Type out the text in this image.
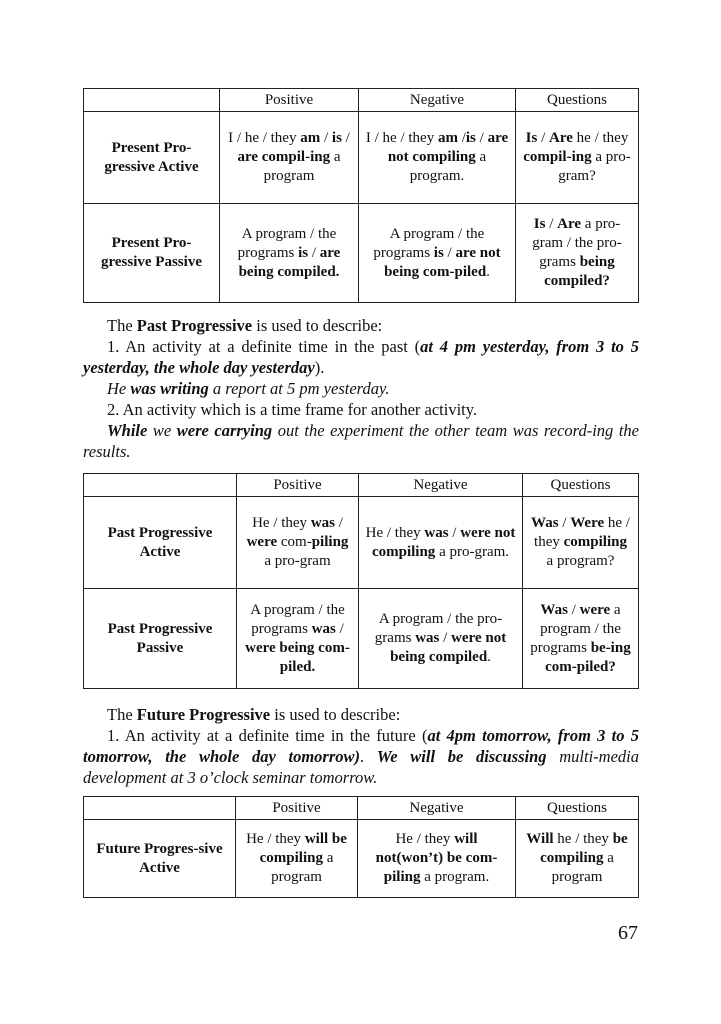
	Positive	Negative	Questions
Present Pro-gressive Active	I / he / they am / is / are compil-ing a program	I / he / they am /is / are not compiling a program.	Is / Are he / they compil-ing a pro-gram?
Present Pro-gressive Passive	A program / the programs is / are being compiled.	A program / the programs is / are not being com-piled.	Is / Are a pro-gram / the pro-grams being compiled?

The Past Progressive is used to describe:

1. An activity at a definite time in the past (at 4 pm yesterday, from 3 to 5 yesterday, the whole day yesterday).

He was writing a report at 5 pm yesterday.

2. An activity which is a time frame for another activity.

While we were carrying out the experiment the other team was record-ing the results.

	Positive	Negative	Questions
Past Progressive Active	He / they was / were com-piling a pro-gram	He / they was / were not compiling a pro-gram.	Was / Were he / they compiling a program?
Past Progressive Passive	A program / the programs was / were being com-piled.	A program / the pro-grams was / were not being compiled.	Was / were a program / the programs be-ing com-piled?

The Future Progressive is used to describe:

1. An activity at a definite time in the future (at 4pm tomorrow, from 3 to 5 tomorrow, the whole day tomorrow). We will be discussing multi-media development at 3 o’clock seminar tomorrow.

	Positive	Negative	Questions
Future Progres-sive Active	He / they will be compiling a program	He / they will not(won’t) be com-piling a program.	Will he / they be compiling a program
67
